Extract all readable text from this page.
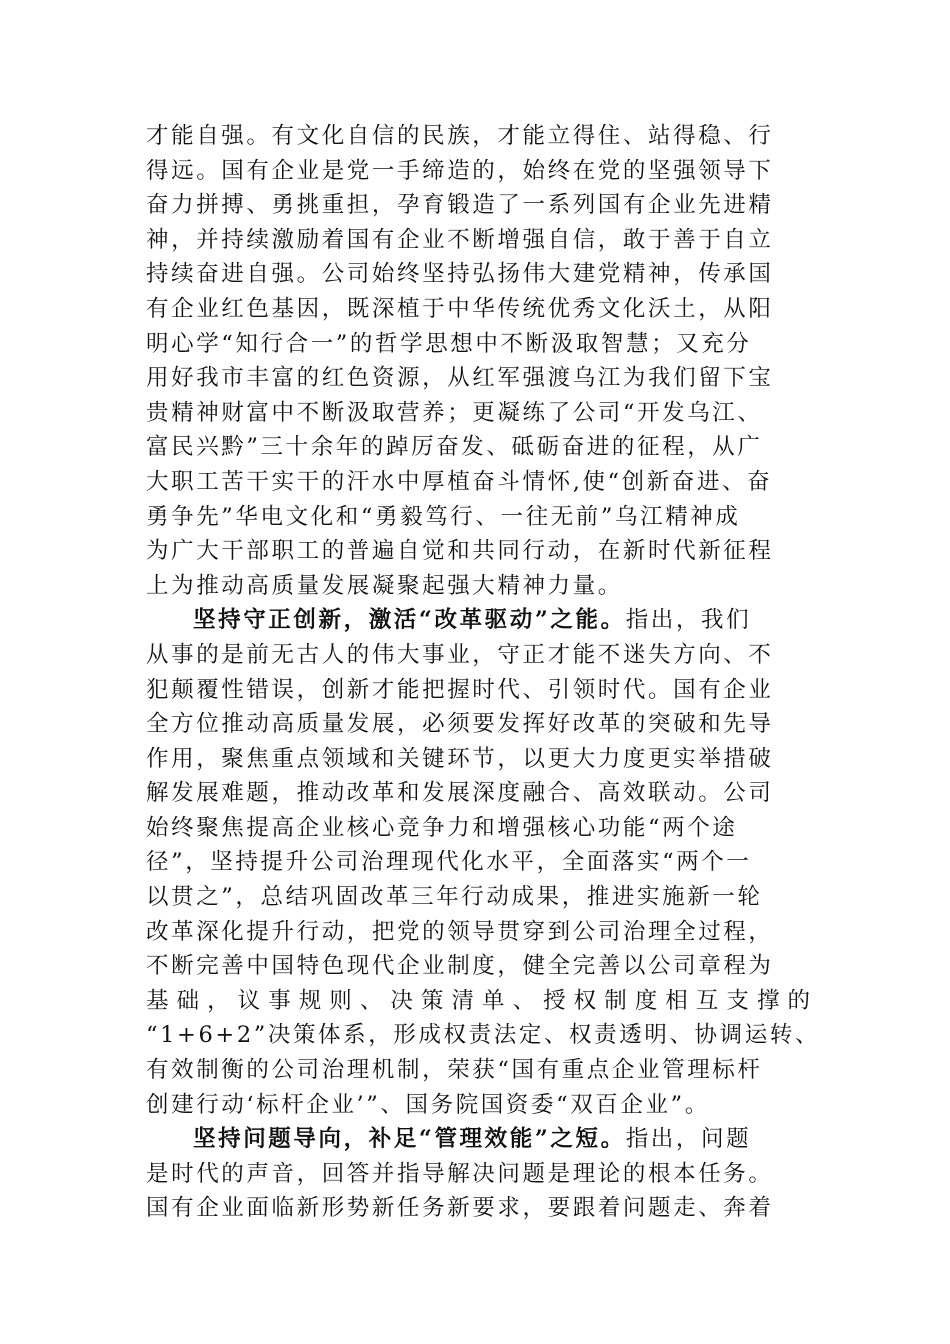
才能自强。有文化自信的民族，才能立得住、站得稳、行
得远。国有企业是党一手缔造的，始终在党的坚强领导下
奋力拼搏、勇挑重担，孕育锻造了一系列国有企业先进精
神，并持续激励着国有企业不断增强自信，敢于善于自立
持续奋进自强。公司始终坚持弘扬伟大建党精神，传承国
有企业红色基因，既深植于中华传统优秀文化沃土，从阳
明心学“知行合一”的哲学思想中不断汲取智慧；又充分
用好我市丰富的红色资源，从红军强渡乌江为我们留下宝
贵精神财富中不断汲取营养；更凝练了公司“开发乌江、
富民兴黔”三十余年的踔厉奋发、砥砺奋进的征程，从广
大职工苦干实干的汗水中厚植奋斗情怀,使“创新奋进、奋
勇争先”华电文化和“勇毅笃行、一往无前”乌江精神成
为广大干部职工的普遍自觉和共同行动，在新时代新征程
上为推动高质量发展凝聚起强大精神力量。
坚持守正创新，激活“改革驱动”之能。指出，我们
从事的是前无古人的伟大事业，守正才能不迷失方向、不
犯颠覆性错误，创新才能把握时代、引领时代。国有企业
全方位推动高质量发展，必须要发挥好改革的突破和先导
作用，聚焦重点领域和关键环节，以更大力度更实举措破
解发展难题，推动改革和发展深度融合、高效联动。公司
始终聚焦提高企业核心竞争力和增强核心功能“两个途
径”，坚持提升公司治理现代化水平，全面落实“两个一
以贯之”，总结巩固改革三年行动成果，推进实施新一轮
改革深化提升行动，把党的领导贯穿到公司治理全过程，
不断完善中国特色现代企业制度，健全完善以公司章程为
基础，议事规则、决策清单、授权制度相互支撑的
“1+6+2”决策体系，形成权责法定、权责透明、协调运转、
有效制衡的公司治理机制，荣获“国有重点企业管理标杆
创建行动‘标杆企业’”、国务院国资委“双百企业”。
坚持问题导向，补足“管理效能”之短。指出，问题
是时代的声音，回答并指导解决问题是理论的根本任务。
国有企业面临新形势新任务新要求，要跟着问题走、奔着
